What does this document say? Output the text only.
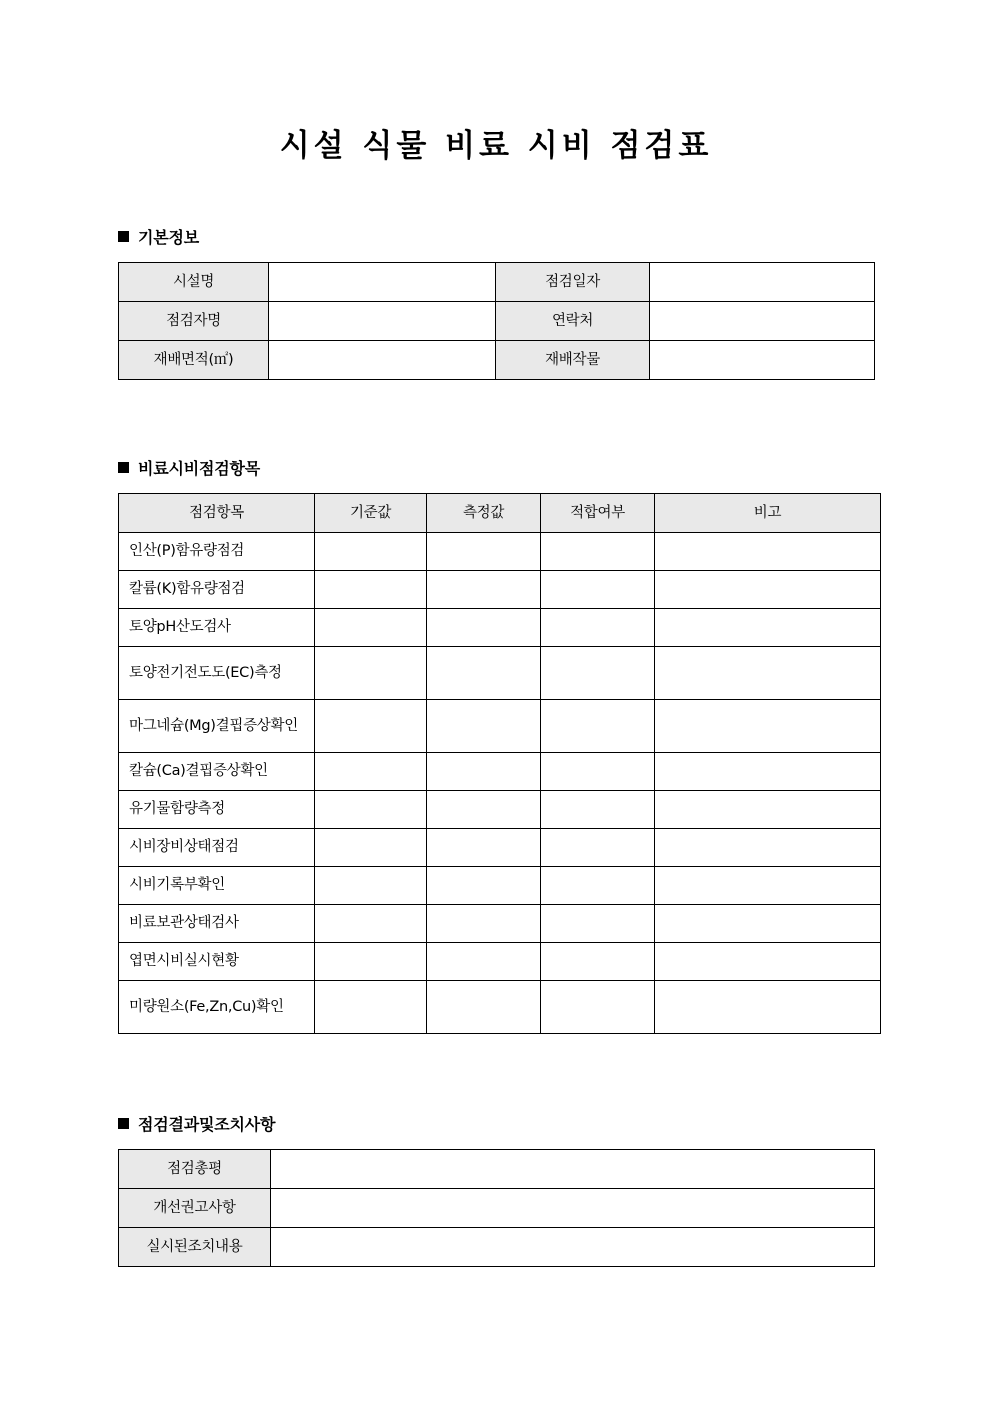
시설 식물 비료 시비 점검표
기본정보
시설명		점검일자	
점검자명		연락처	
재배면적(㎡)		재배작물	
비료시비점검항목
점검항목	기준값	측정값	적합여부	비고
인산(P)함유량점검				
칼륨(K)함유량점검				
토양pH산도검사				
토양전기전도도(EC)측정				
마그네슘(Mg)결핍증상확인				
칼슘(Ca)결핍증상확인				
유기물함량측정				
시비장비상태점검				
시비기록부확인				
비료보관상태검사				
엽면시비실시현황				
미량원소(Fe,Zn,Cu)확인				
점검결과및조치사항
점검총평	
개선권고사항	
실시된조치내용	
